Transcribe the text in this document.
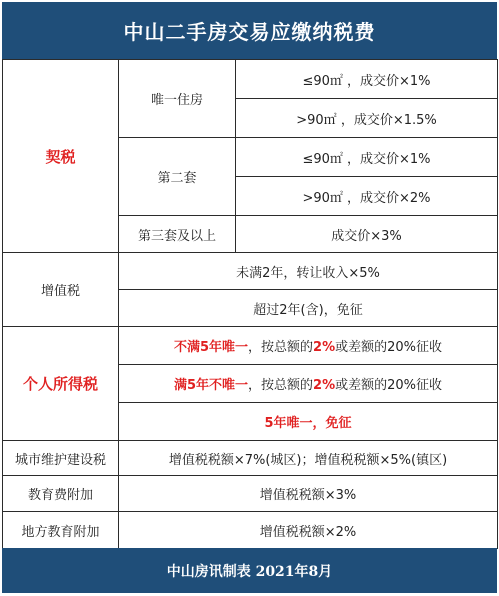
中山二手房交易应缴纳税费
契税	唯一住房	≤90㎡ ，成交价×1%
		>90㎡ ，成交价×1.5%
	第二套	≤90㎡ ，成交价×1%
		>90㎡ ，成交价×2%
	第三套及以上	成交价×3%
增值税	未满2年，转让收入×5%	
	超过2年(含)，免征	
个人所得税	不满5年唯一，按总额的2%或差额的20%征收	
	满5年不唯一，按总额的2%或差额的20%征收	
	5年唯一，免征	
城市维护建设税	增值税税额×7%(城区)；增值税税额×5%(镇区)	
教育费附加	增值税税额×3%	
地方教育附加	增值税税额×2%	
中山房讯制表 2021年8月
